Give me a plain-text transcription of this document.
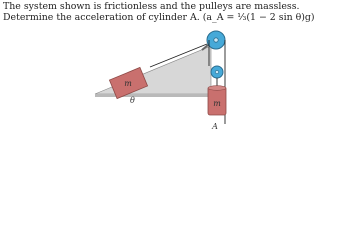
The system shown is frictionless and the pulleys are massless. Determine the acceleration of cylinder A. (a_A = ⅓(1 − 2 sin θ)g)
m
m
A
θ
